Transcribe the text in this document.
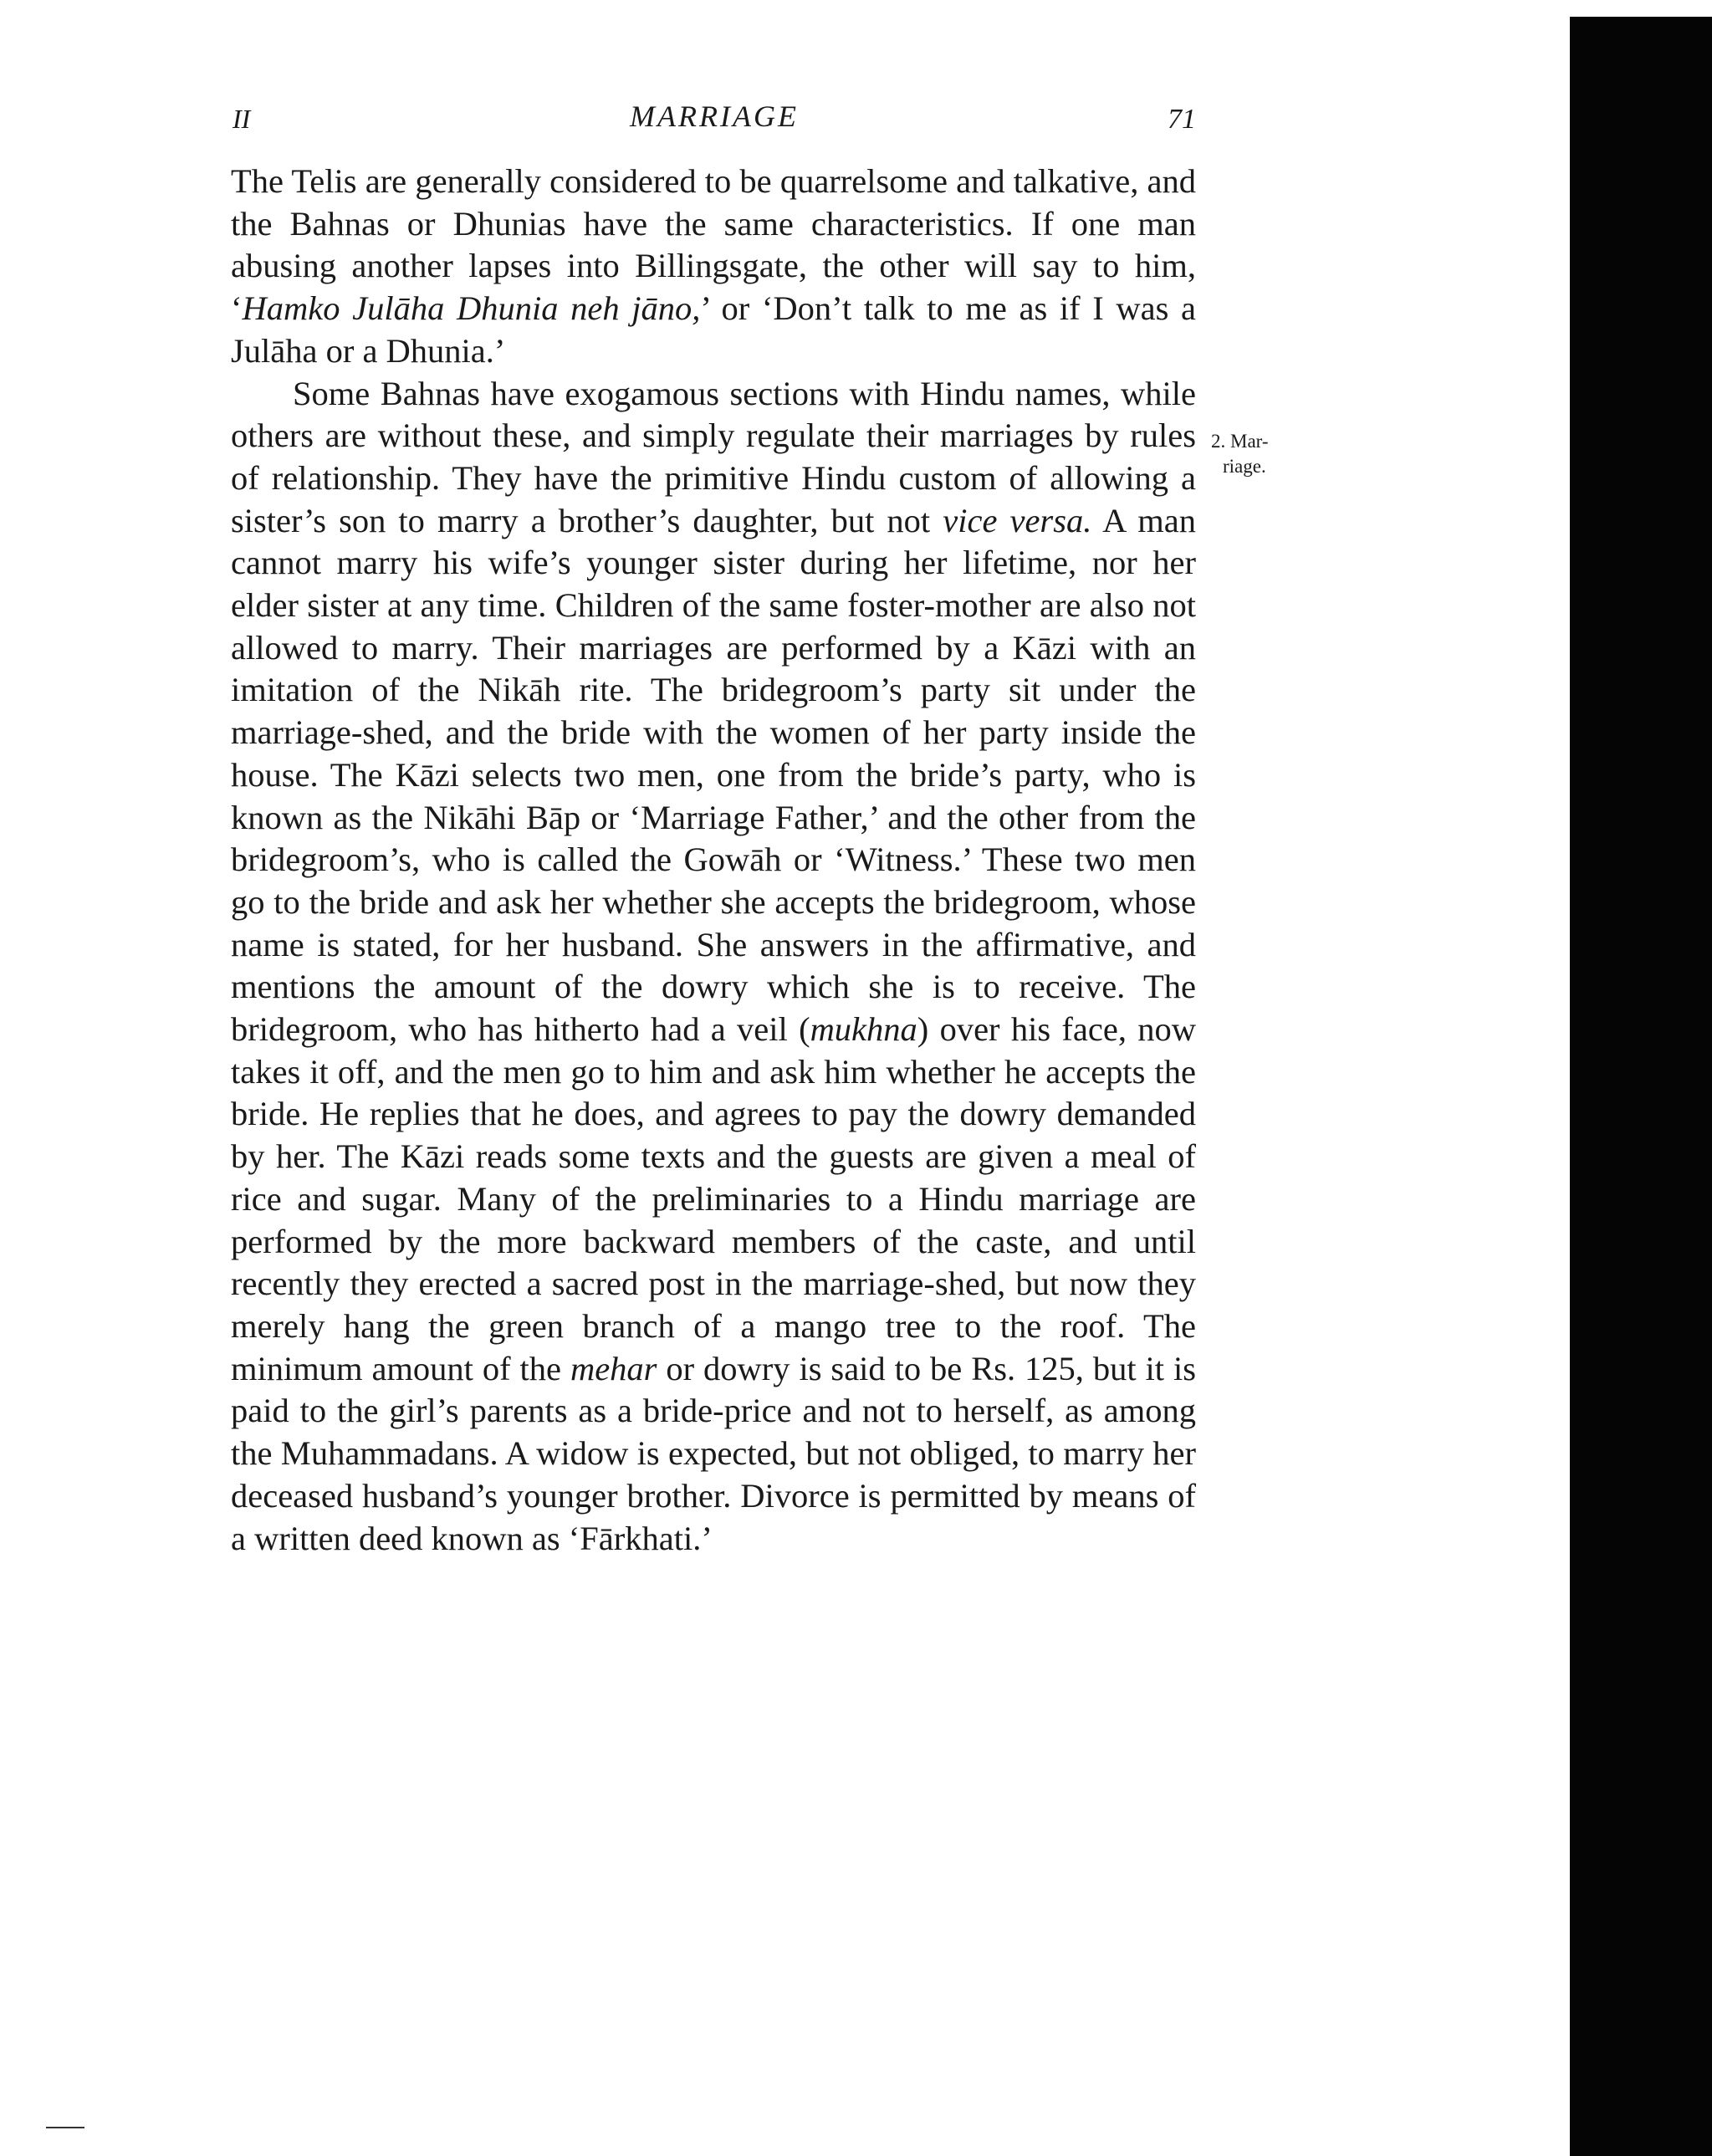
II	MARRIAGE	71

The Telis are generally considered to be quarrelsome and talkative, and the Bahnas or Dhunias have the same characteristics. If one man abusing another lapses into Billingsgate, the other will say to him, ‘Hamko Julāha Dhunia neh jāno,’ or ‘Don’t talk to me as if I was a Julāha or a Dhunia.’

Some Bahnas have exogamous sections with Hindu names, while others are without these, and simply regulate their marriages by rules of relationship. They have the primitive Hindu custom of allowing a sister’s son to marry a brother’s daughter, but not vice versa. A man cannot marry his wife’s younger sister during her lifetime, nor her elder sister at any time. Children of the same foster-mother are also not allowed to marry. Their marriages are performed by a Kāzi with an imitation of the Nikāh rite. The bridegroom’s party sit under the marriage-shed, and the bride with the women of her party inside the house. The Kāzi selects two men, one from the bride’s party, who is known as the Nikāhi Bāp or ‘Marriage Father,’ and the other from the bridegroom’s, who is called the Gowāh or ‘Witness.’ These two men go to the bride and ask her whether she accepts the bridegroom, whose name is stated, for her husband. She answers in the affirmative, and mentions the amount of the dowry which she is to receive. The bridegroom, who has hitherto had a veil (mukhna) over his face, now takes it off, and the men go to him and ask him whether he accepts the bride. He replies that he does, and agrees to pay the dowry demanded by her. The Kāzi reads some texts and the guests are given a meal of rice and sugar. Many of the preliminaries to a Hindu marriage are performed by the more backward members of the caste, and until recently they erected a sacred post in the marriage-shed, but now they merely hang the green branch of a mango tree to the roof. The minimum amount of the mehar or dowry is said to be Rs. 125, but it is paid to the girl’s parents as a bride-price and not to herself, as among the Muhammadans. A widow is expected, but not obliged, to marry her deceased husband’s younger brother. Divorce is permitted by means of a written deed known as ‘Fārkhati.’

2. Mar-
riage.
